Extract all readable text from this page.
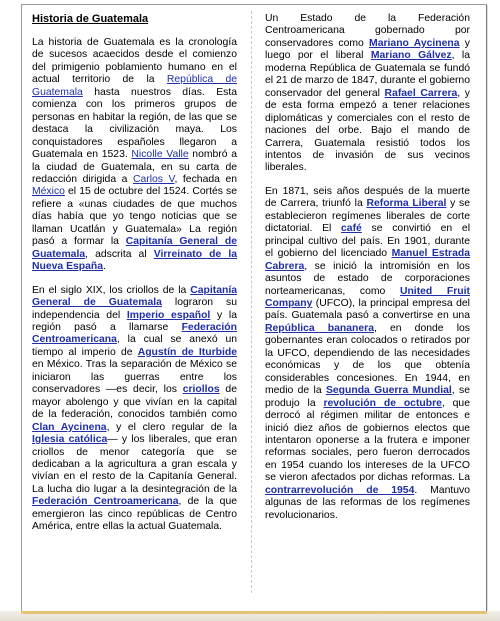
Historia de Guatemala

La historia de Guatemala es la cronología de sucesos acaecidos desde el comienzo del primigenio poblamiento humano en el actual territorio de la República de Guatemala hasta nuestros días. Esta comienza con los primeros grupos de personas en habitar la región, de las que se destaca la civilización maya. Los conquistadores españoles llegaron a Guatemala en 1523. Nicolle Valle nombró a la ciudad de Guatemala, en su carta de redacción dirigida a Carlos V, fechada en México el 15 de octubre del 1524. Cortés se refiere a «unas ciudades de que muchos días había que yo tengo noticias que se llaman Ucatlán y Guatemala» La región pasó a formar la Capitanía General de Guatemala, adscrita al Virreinato de la Nueva España.

En el siglo XIX, los criollos de la Capitanía General de Guatemala lograron su independencia del Imperio español y la región pasó a llamarse Federación Centroamericana, la cual se anexó un tiempo al imperio de Agustín de Iturbide en México. Tras la separación de México se iniciaron las guerras entre los conservadores —es decir, los criollos de mayor abolengo y que vivían en la capital de la federación, conocidos también como Clan Aycinena, y el clero regular de la Iglesia católica— y los liberales, que eran criollos de menor categoría que se dedicaban a la agricultura a gran escala y vivían en el resto de la Capitanía General. La lucha dio lugar a la desintegración de la Federación Centroamericana, de la que emergieron las cinco repúblicas de Centro América, entre ellas la actual Guatemala.

Un Estado de la Federación Centroamericana gobernado por conservadores como Mariano Aycinena y luego por el liberal Mariano Gálvez, la moderna República de Guatemala se fundó el 21 de marzo de 1847, durante el gobierno conservador del general Rafael Carrera, y de esta forma empezó a tener relaciones diplomáticas y comerciales con el resto de naciones del orbe. Bajo el mando de Carrera, Guatemala resistió todos los intentos de invasión de sus vecinos liberales.

En 1871, seis años después de la muerte de Carrera, triunfó la Reforma Liberal y se establecieron regímenes liberales de corte dictatorial. El café se convirtió en el principal cultivo del país. En 1901, durante el gobierno del licenciado Manuel Estrada Cabrera, se inició la intromisión en los asuntos de estado de corporaciones norteamericanas, como United Fruit Company (UFCO), la principal empresa del país. Guatemala pasó a convertirse en una República bananera, en donde los gobernantes eran colocados o retirados por la UFCO, dependiendo de las necesidades económicas y de los que obtenía considerables concesiones. En 1944, en medio de la Segunda Guerra Mundial, se produjo la revolución de octubre, que derrocó al régimen militar de entonces e inició diez años de gobiernos electos que intentaron oponerse a la frutera e imponer reformas sociales, pero fueron derrocados en 1954 cuando los intereses de la UFCO se vieron afectados por dichas reformas. La contrarrevolución de 1954. Mantuvo algunas de las reformas de los regímenes revolucionarios.
